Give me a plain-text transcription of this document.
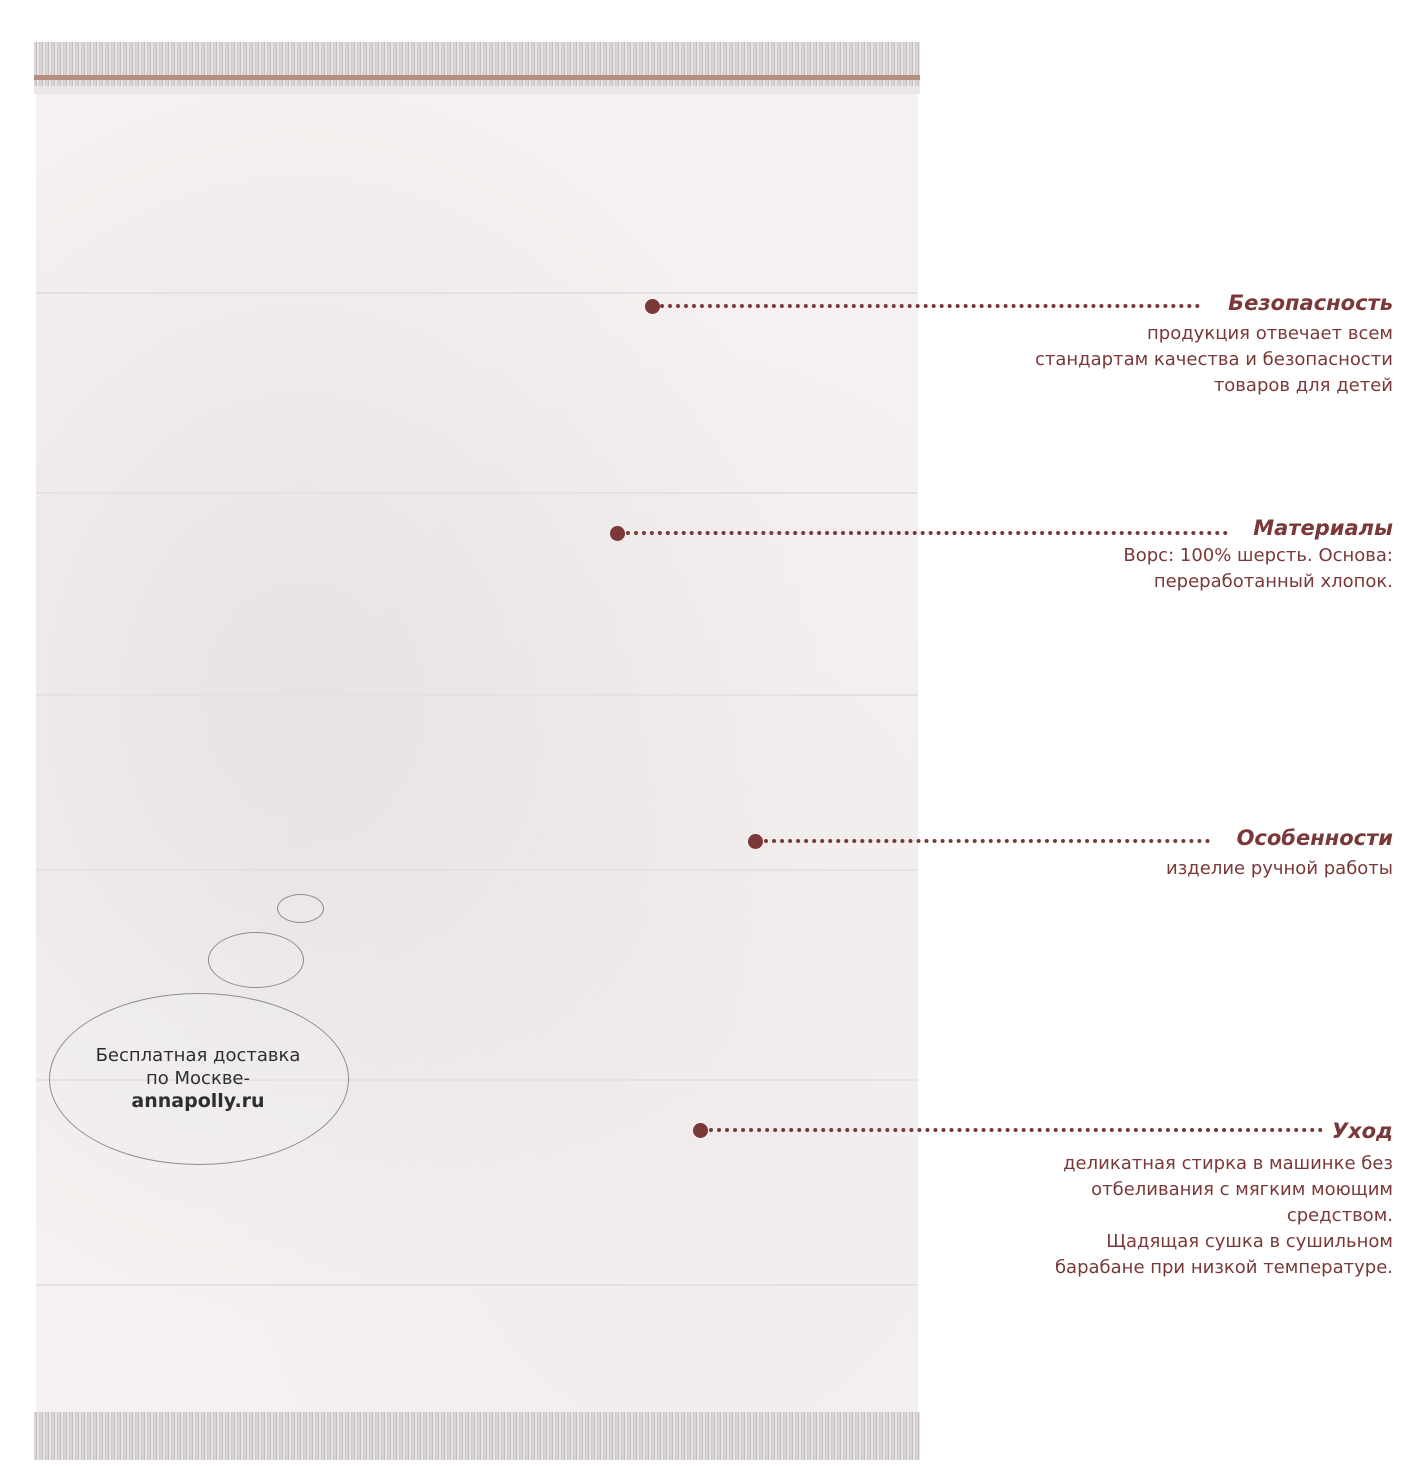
Бесплатная доставка
по Москве-
annapolly.ru
Безопасность
продукция отвечает всем
стандартам качества и безопасности
товаров для детей
Материалы
Ворс: 100% шерсть. Основа:
переработанный хлопок.
Особенности
изделие ручной работы
Уход
деликатная стирка в машинке без
отбеливания с мягким моющим
средством.
Щадящая сушка в сушильном
барабане при низкой температуре.
